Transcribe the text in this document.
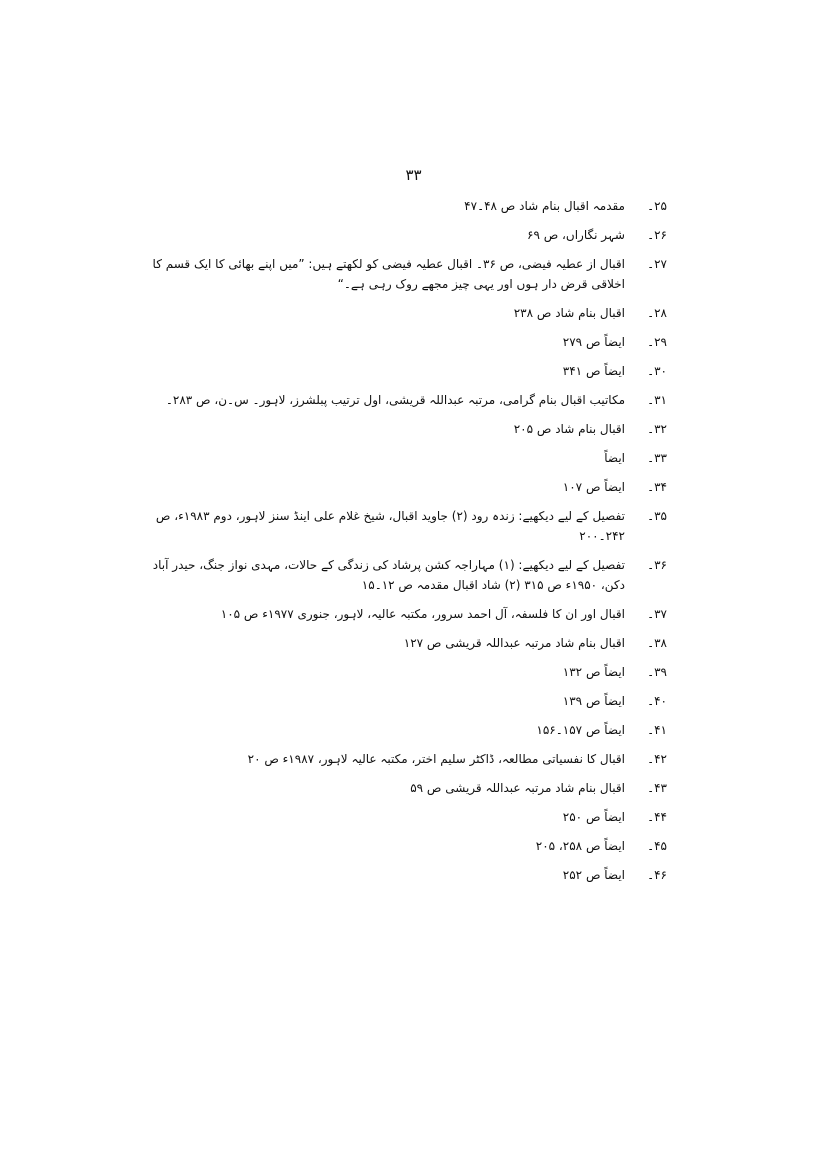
۳۳
۲۵۔
مقدمہ اقبال بنام شاد ص ۴۸۔۴۷
۲۶۔
شہر نگاراں، ص ۶۹
۲۷۔
اقبال از عطیہ فیضی، ص ۳۶۔ اقبال عطیہ فیضی کو لکھتے ہیں: ”میں اپنے بھائی کا ایک قسم کا اخلاقی قرض دار ہوں اور یہی چیز مجھے روک رہی ہے۔“
۲۸۔
اقبال بنام شاد ص ۲۳۸
۲۹۔
ایضاً ص ۲۷۹
۳۰۔
ایضاً ص ۳۴۱
۳۱۔
مکاتیب اقبال بنام گرامی، مرتبہ عبداللہ قریشی، اول ترتیب پبلشرز، لاہور۔ س۔ن، ص ۲۸۳۔
۳۲۔
اقبال بنام شاد ص ۲۰۵
۳۳۔
ایضاً
۳۴۔
ایضاً ص ۱۰۷
۳۵۔
تفصیل کے لیے دیکھیے: زندہ رود (۲) جاوید اقبال، شیخ غلام علی اینڈ سنز لاہور، دوم ۱۹۸۳ء، ص ۲۴۲۔۲۰۰
۳۶۔
تفصیل کے لیے دیکھیے: (۱) مہاراجہ کشن پرشاد کی زندگی کے حالات، مہدی نواز جنگ، حیدر آباد دکن، ۱۹۵۰ء ص ۳۱۵ (۲) شاد اقبال مقدمہ ص ۱۲۔۱۵
۳۷۔
اقبال اور ان کا فلسفہ، آل احمد سرور، مکتبہ عالیہ، لاہور، جنوری ۱۹۷۷ء ص ۱۰۵
۳۸۔
اقبال بنام شاد مرتبہ عبداللہ قریشی ص ۱۲۷
۳۹۔
ایضاً ص ۱۳۲
۴۰۔
ایضاً ص ۱۳۹
۴۱۔
ایضاً ص ۱۵۷۔۱۵۶
۴۲۔
اقبال کا نفسیاتی مطالعہ، ڈاکٹر سلیم اختر، مکتبہ عالیہ لاہور، ۱۹۸۷ء ص ۲۰
۴۳۔
اقبال بنام شاد مرتبہ عبداللہ قریشی ص ۵۹
۴۴۔
ایضاً ص ۲۵۰
۴۵۔
ایضاً ص ۲۵۸، ۲۰۵
۴۶۔
ایضاً ص ۲۵۲
